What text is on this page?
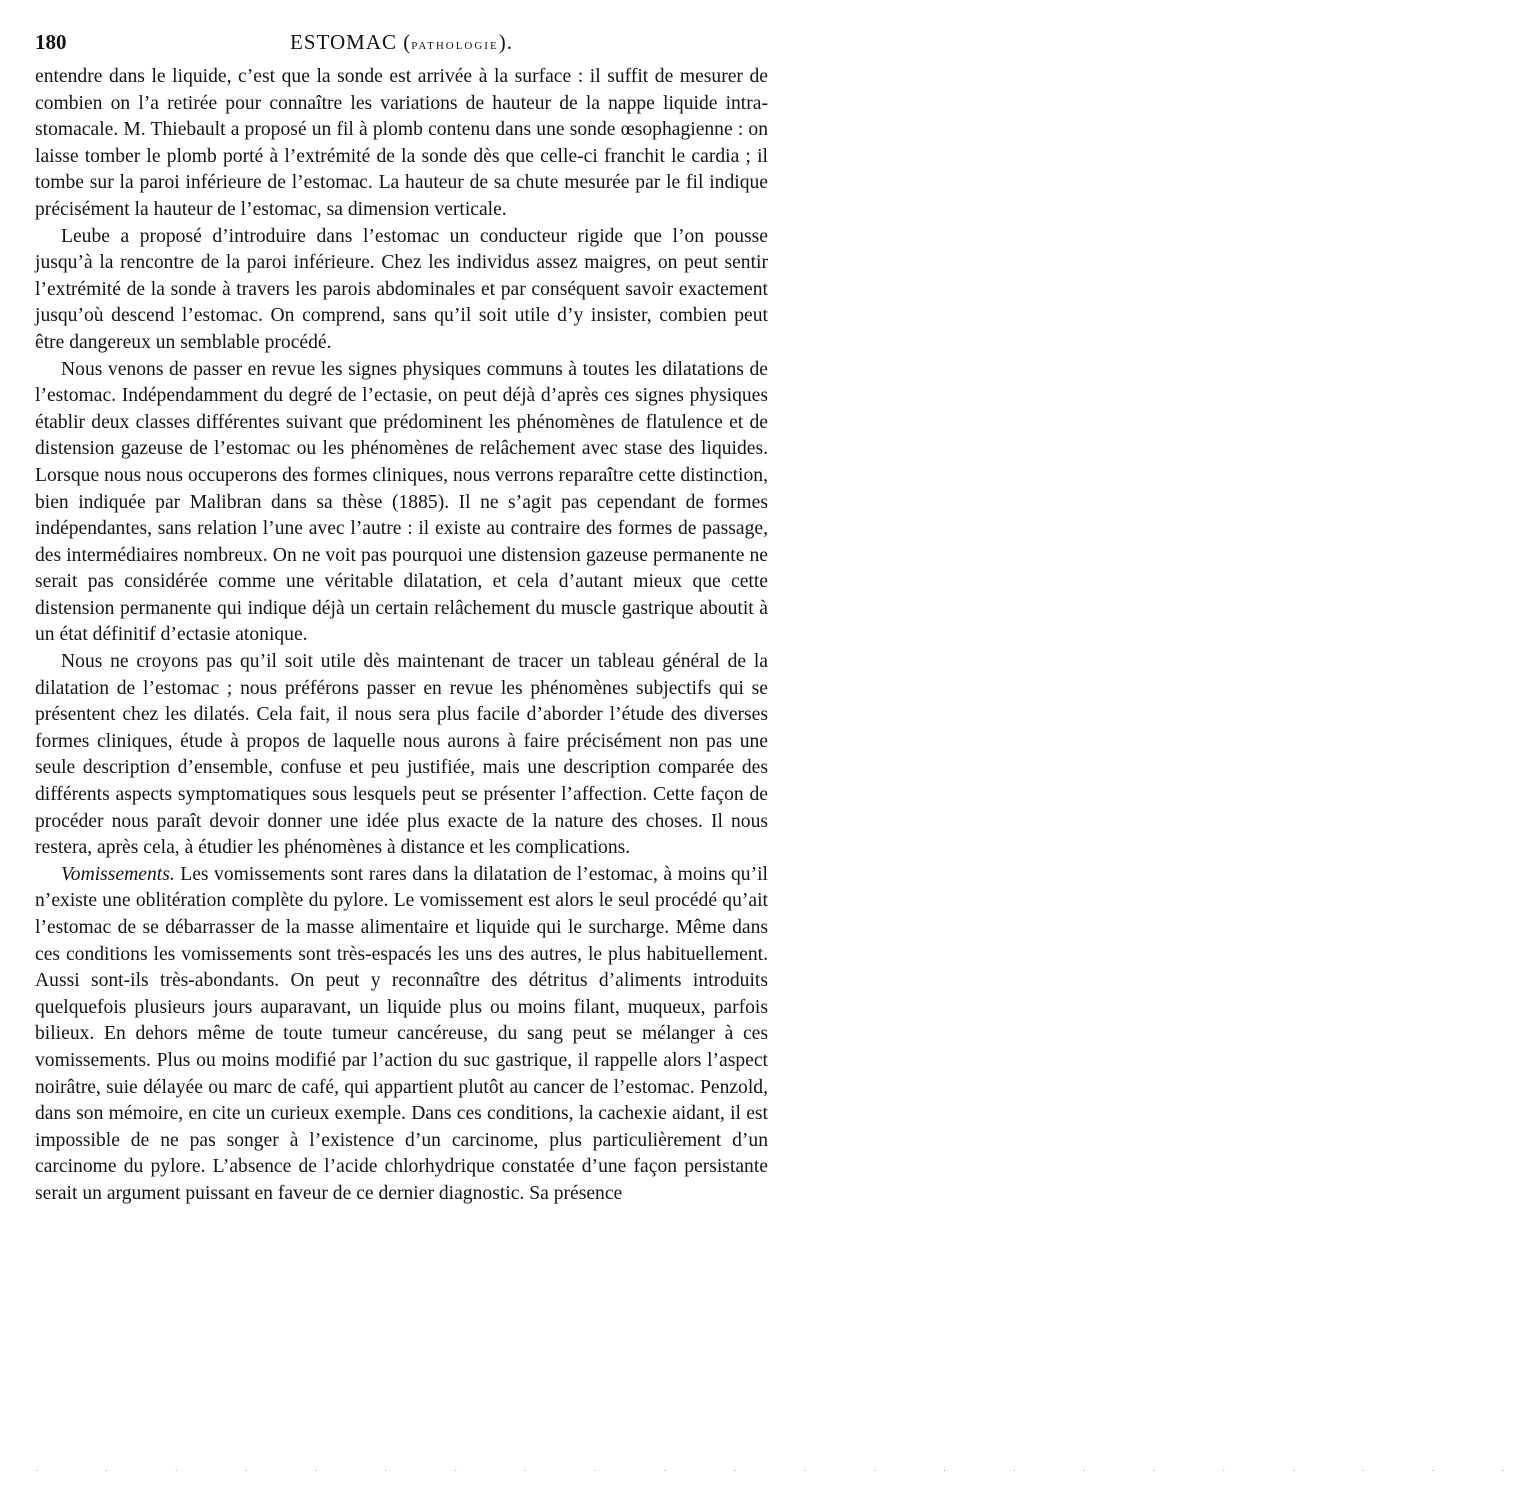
180	ESTOMAC (pathologie).

entendre dans le liquide, c’est que la sonde est arrivée à la surface : il suffit de mesurer de combien on l’a retirée pour connaître les variations de hauteur de la nappe liquide intra-stomacale. M. Thiebault a proposé un fil à plomb contenu dans une sonde œsophagienne : on laisse tomber le plomb porté à l’extrémité de la sonde dès que celle-ci franchit le cardia ; il tombe sur la paroi inférieure de l’estomac. La hauteur de sa chute mesurée par le fil indique précisément la hauteur de l’estomac, sa dimension verticale.

Leube a proposé d’introduire dans l’estomac un conducteur rigide que l’on pousse jusqu’à la rencontre de la paroi inférieure. Chez les individus assez maigres, on peut sentir l’extrémité de la sonde à travers les parois abdominales et par conséquent savoir exactement jusqu’où descend l’estomac. On comprend, sans qu’il soit utile d’y insister, combien peut être dangereux un semblable procédé.

Nous venons de passer en revue les signes physiques communs à toutes les dilatations de l’estomac. Indépendamment du degré de l’ectasie, on peut déjà d’après ces signes physiques établir deux classes différentes suivant que prédominent les phénomènes de flatulence et de distension gazeuse de l’estomac ou les phénomènes de relâchement avec stase des liquides. Lorsque nous nous occuperons des formes cliniques, nous verrons reparaître cette distinction, bien indiquée par Malibran dans sa thèse (1885). Il ne s’agit pas cependant de formes indépendantes, sans relation l’une avec l’autre : il existe au contraire des formes de passage, des intermédiaires nombreux. On ne voit pas pourquoi une distension gazeuse permanente ne serait pas considérée comme une véritable dilatation, et cela d’autant mieux que cette distension permanente qui indique déjà un certain relâchement du muscle gastrique aboutit à un état définitif d’ectasie atonique.

Nous ne croyons pas qu’il soit utile dès maintenant de tracer un tableau général de la dilatation de l’estomac ; nous préférons passer en revue les phénomènes subjectifs qui se présentent chez les dilatés. Cela fait, il nous sera plus facile d’aborder l’étude des diverses formes cliniques, étude à propos de laquelle nous aurons à faire précisément non pas une seule description d’ensemble, confuse et peu justifiée, mais une description comparée des différents aspects symptomatiques sous lesquels peut se présenter l’affection. Cette façon de procéder nous paraît devoir donner une idée plus exacte de la nature des choses. Il nous restera, après cela, à étudier les phénomènes à distance et les complications.

Vomissements. Les vomissements sont rares dans la dilatation de l’estomac, à moins qu’il n’existe une oblitération complète du pylore. Le vomissement est alors le seul procédé qu’ait l’estomac de se débarrasser de la masse alimentaire et liquide qui le surcharge. Même dans ces conditions les vomissements sont très-espacés les uns des autres, le plus habituellement. Aussi sont-ils très-abondants. On peut y reconnaître des détritus d’aliments introduits quelquefois plusieurs jours auparavant, un liquide plus ou moins filant, muqueux, parfois bilieux. En dehors même de toute tumeur cancéreuse, du sang peut se mélanger à ces vomissements. Plus ou moins modifié par l’action du suc gastrique, il rappelle alors l’aspect noirâtre, suie délayée ou marc de café, qui appartient plutôt au cancer de l’estomac. Penzold, dans son mémoire, en cite un curieux exemple. Dans ces conditions, la cachexie aidant, il est impossible de ne pas songer à l’existence d’un carcinome, plus particulièrement d’un carcinome du pylore. L’absence de l’acide chlorhydrique constatée d’une façon persistante serait un argument puissant en faveur de ce dernier diagnostic. Sa présence

· · · · · · · · · · · · · · · · · · · · · ·
